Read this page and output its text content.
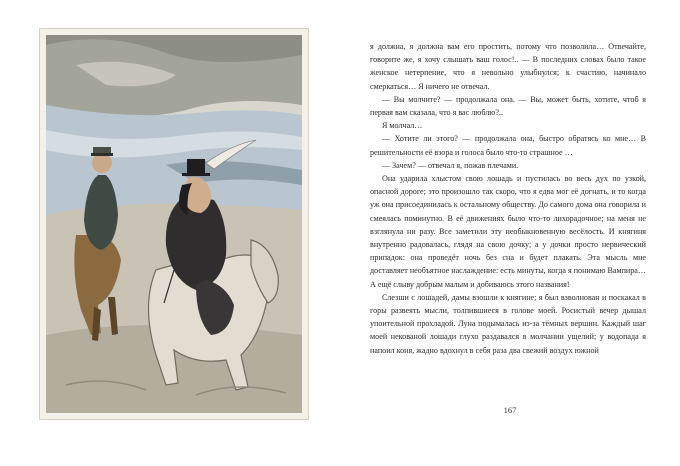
я должна, я должна вам его простить, потому что позволила… Отвечайте, говорите же, я хочу слышать ваш голос!.. — В последних словах было такое женское нетерпение, что я невольно улыбнулся; к счастию, начинало смеркаться… Я ничего не отвечал.

— Вы молчите? — продолжала она. — Вы, может быть, хотите, чтоб я первая вам сказала, что я вас люблю?..

Я молчал…

— Хотите ли этого? — продолжала она, быстро обратясь ко мне… В решительности её взора и голоса было что-то страшное …

— Зачем? — отвечал я, пожав плечами.

Она ударила хлыстом свою лошадь и пустилась во весь дух по узкой, опасной дороге; это произошло так скоро, что я едва мог её догнать, и то когда уж она присоединилась к остальному обществу. До самого дома она говорила и смеялась поминутно. В её движениях было что-то лихорадочное; на меня не взглянула ни разу. Все заметили эту необыкновенную весёлость. И княгиня внутренно радовалась, глядя на свою дочку; а у дочки просто нервический припадок: она проведёт ночь без сна и будет плакать. Эта мысль мне доставляет необъятное наслаждение: есть минуты, когда я понимаю Вампира… А ещё слыву добрым малым и добиваюсь этого названия!

Слезши с лошадей, дамы взошли к княгине; я был взволнован и поскакал в горы развеять мысли, толпившиеся в голове моей. Росистый вечер дышал упоительной прохладой. Луна подымалась из-за тёмных вершин. Каждый шаг моей некованой лошади глухо раздавался в молчании ущелий; у водопада я напоил коня, жадно вдохнул в себя раза два свежий воздух южной

167
